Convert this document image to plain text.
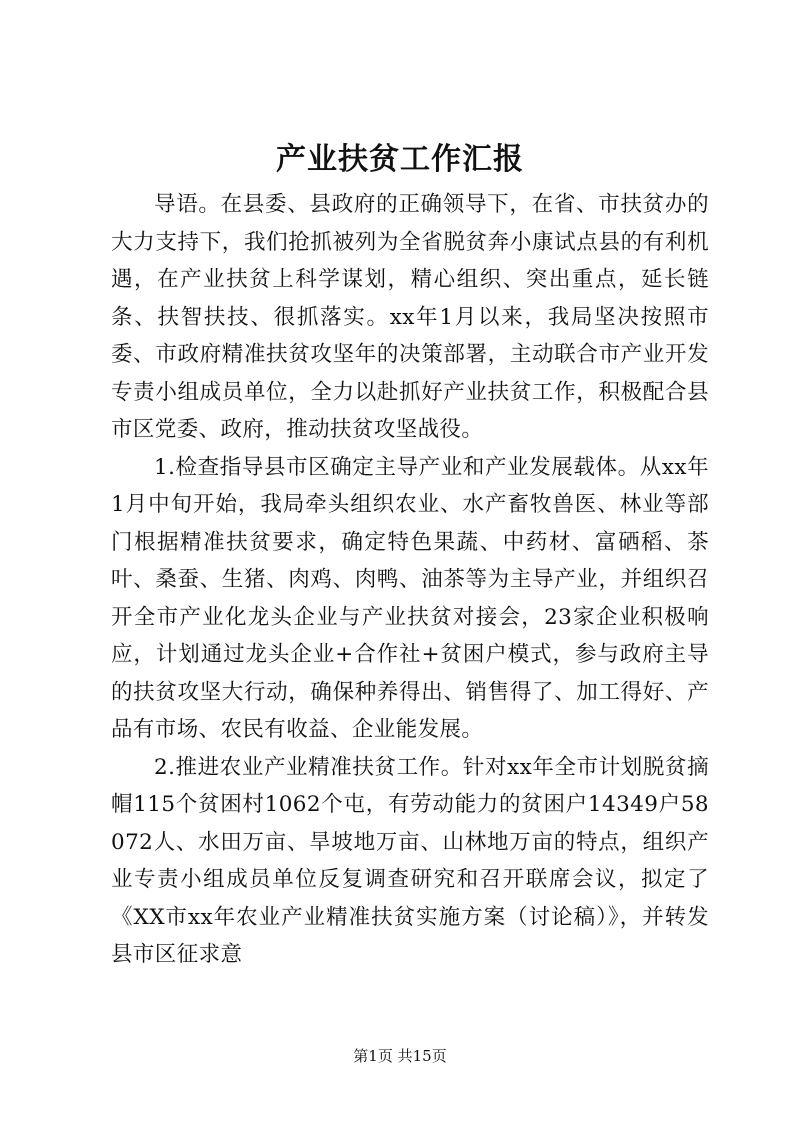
产业扶贫工作汇报

导语。在县委、县政府的正确领导下，在省、市扶贫办的大力支持下，我们抢抓被列为全省脱贫奔小康试点县的有利机遇，在产业扶贫上科学谋划，精心组织、突出重点，延长链条、扶智扶技、很抓落实。xx年1月以来，我局坚决按照市委、市政府精准扶贫攻坚年的决策部署，主动联合市产业开发专责小组成员单位，全力以赴抓好产业扶贫工作，积极配合县市区党委、政府，推动扶贫攻坚战役。

1.检查指导县市区确定主导产业和产业发展载体。从xx年1月中旬开始，我局牵头组织农业、水产畜牧兽医、林业等部门根据精准扶贫要求，确定特色果蔬、中药材、富硒稻、茶叶、桑蚕、生猪、肉鸡、肉鸭、油茶等为主导产业，并组织召开全市产业化龙头企业与产业扶贫对接会，23家企业积极响应，计划通过龙头企业+合作社+贫困户模式，参与政府主导的扶贫攻坚大行动，确保种养得出、销售得了、加工得好、产品有市场、农民有收益、企业能发展。

2.推进农业产业精准扶贫工作。针对xx年全市计划脱贫摘帽115个贫困村1062个屯，有劳动能力的贫困户14349户58072人、水田万亩、旱坡地万亩、山林地万亩的特点，组织产业专责小组成员单位反复调查研究和召开联席会议，拟定了《XX市xx年农业产业精准扶贫实施方案（讨论稿）》，并转发县市区征求意

第1页 共15页
